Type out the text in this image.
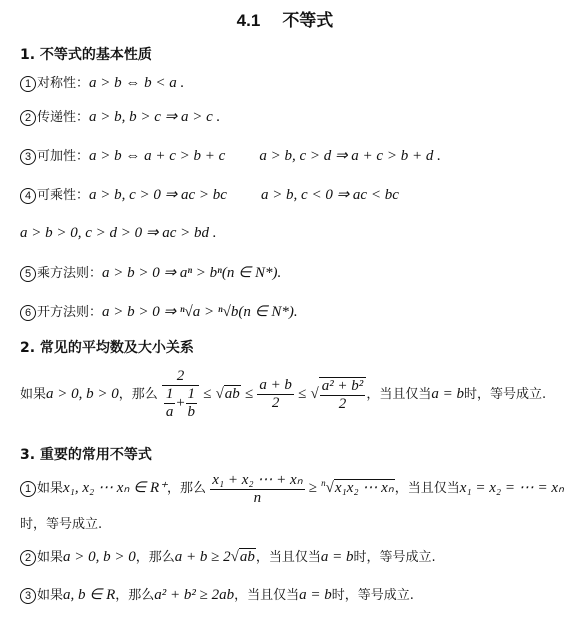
4.1 不等式
1. 不等式的基本性质
1 对称性：a > b ⇔ b < a .
2 传递性：a > b, b > c ⇒ a > c .
3 可加性：a > b ⇔ a + c > b + c a > b, c > d ⇒ a + c > b + d .
4 可乘性：a > b, c > 0 ⇒ ac > bc a > b, c < 0 ⇒ ac < bc
a > b > 0, c > d > 0 ⇒ ac > bd .
5 乘方法则：a > b > 0 ⇒ aⁿ > bⁿ(n ∈ N*).
6 开方法则：a > b > 0 ⇒ ⁿ√a > ⁿ√b(n ∈ N*).
2. 常见的平均数及大小关系
如果a > 0, b > 0，那么 $\frac{2}{\frac{1}{a} + \frac{1}{b}} \le √ab \le \frac{a + b}{2}$ ≤ √ $\frac{\text{a² + b²}}{2}$ ，当且仅当a = b时，等号成立.
3. 重要的常用不等式
1 如果x₁, x₂ ⋯ xₙ ∈ R⁺，那么 $\frac{\text{x₁ + x₂ ⋯ + xₙ}}{n} \ge ^n√x_1x_2$ ⋯ xₙ，当且仅当x₁ = x₂ = ⋯ = xₙ
时，等号成立.
2 如果a > 0, b > 0，那么a + b ≥ 2√ab，当且仅当a = b时，等号成立.
3 如果a, b ∈ R，那么a² + b² ≥ 2ab，当且仅当a = b时，等号成立.
